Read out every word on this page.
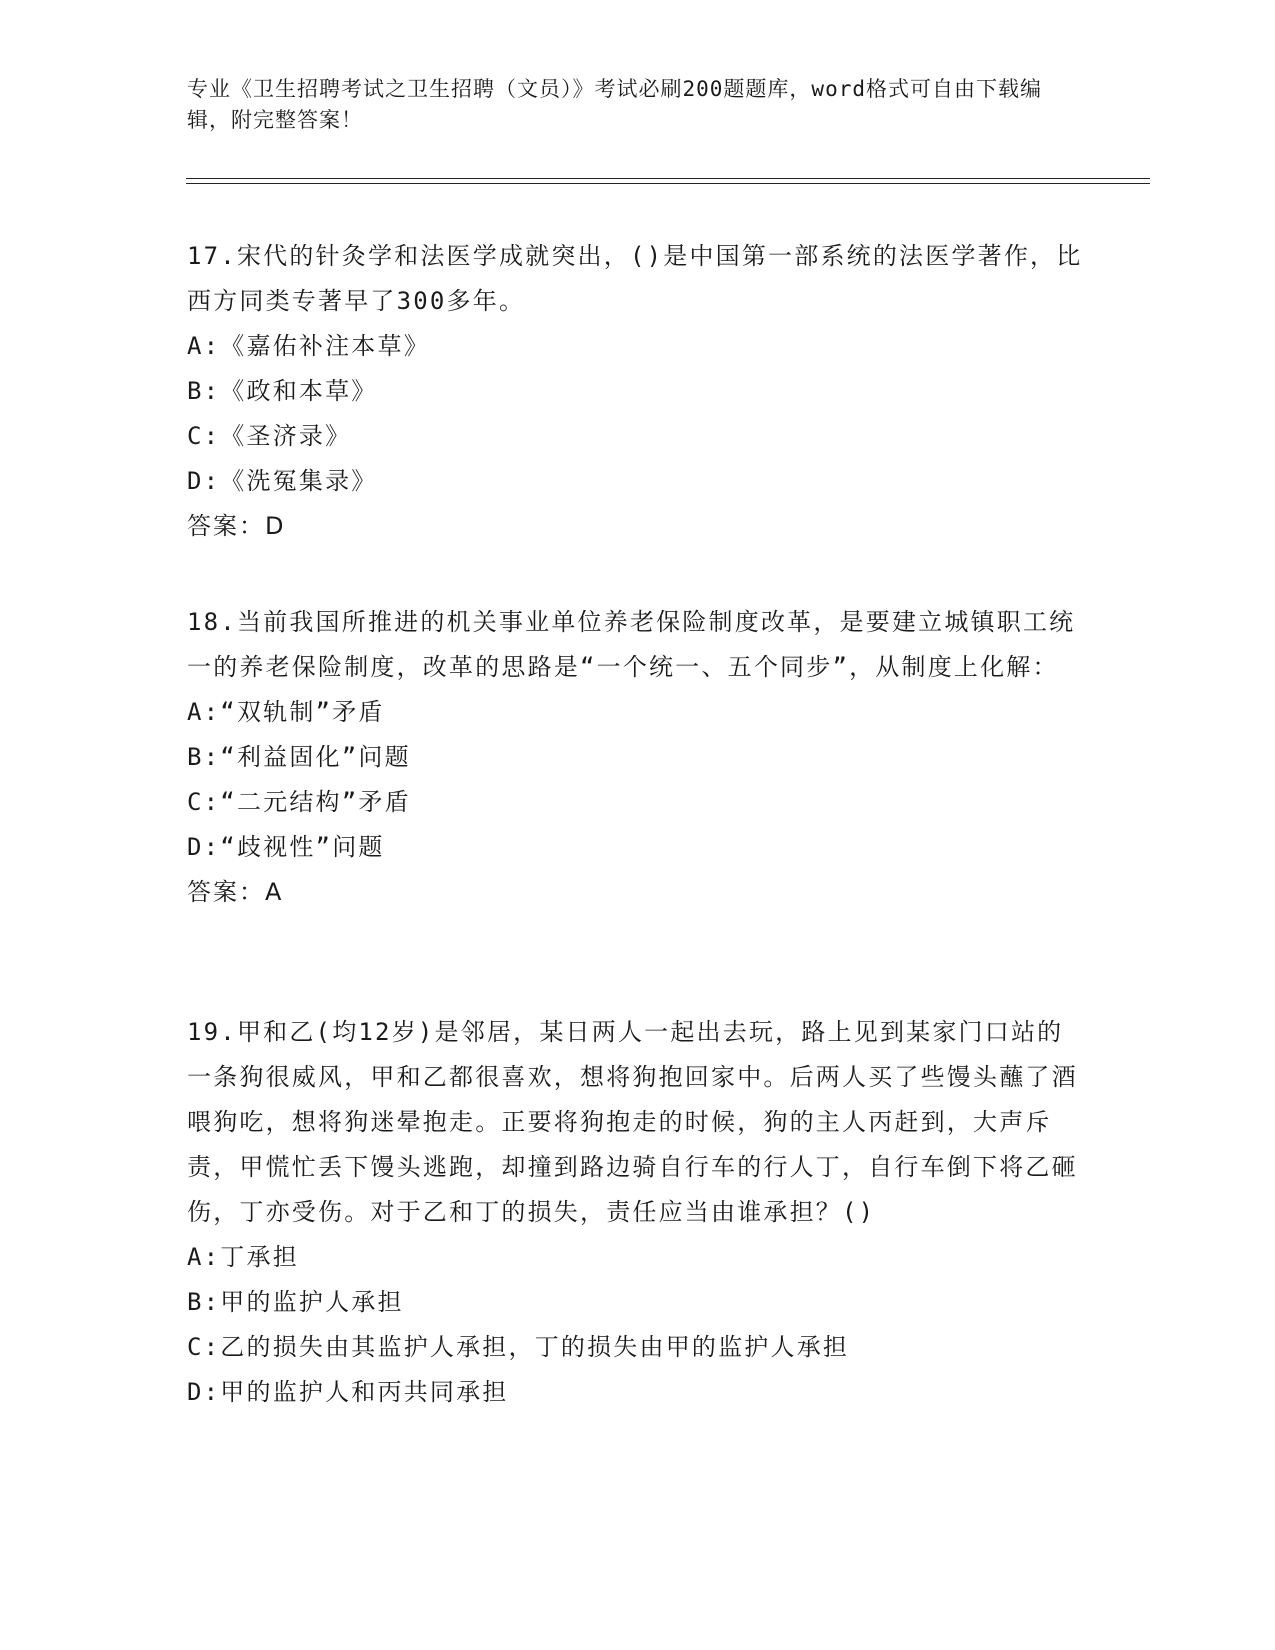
专业《卫生招聘考试之卫生招聘（文员）》考试必刷200题题库，word格式可自由下载编辑，附完整答案！
17.宋代的针灸学和法医学成就突出，()是中国第一部系统的法医学著作，比西方同类专著早了300多年。
A:《嘉佑补注本草》
B:《政和本草》
C:《圣济录》
D:《洗冤集录》
答案：D
18.当前我国所推进的机关事业单位养老保险制度改革，是要建立城镇职工统一的养老保险制度，改革的思路是“一个统一、五个同步”，从制度上化解：
A:“双轨制”矛盾
B:“利益固化”问题
C:“二元结构”矛盾
D:“歧视性”问题
答案：A
19.甲和乙(均12岁)是邻居，某日两人一起出去玩，路上见到某家门口站的一条狗很威风，甲和乙都很喜欢，想将狗抱回家中。后两人买了些馒头蘸了酒喂狗吃，想将狗迷晕抱走。正要将狗抱走的时候，狗的主人丙赶到，大声斥责，甲慌忙丢下馒头逃跑，却撞到路边骑自行车的行人丁，自行车倒下将乙砸伤，丁亦受伤。对于乙和丁的损失，责任应当由谁承担？()
A:丁承担
B:甲的监护人承担
C:乙的损失由其监护人承担，丁的损失由甲的监护人承担
D:甲的监护人和丙共同承担
